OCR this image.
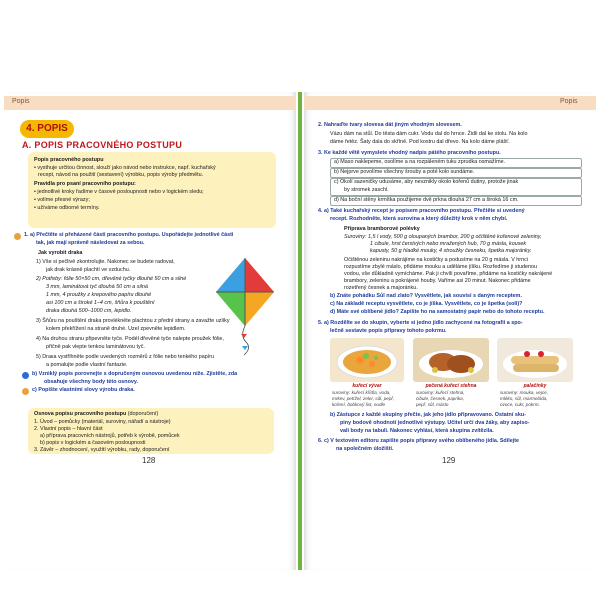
Popis	Popis
4. POPIS
A. POPIS PRACOVNÉHO POSTUPU
Popis pracovného postupu
• vysthuje určitou činnost, slouží jako návod nebo instrukce, např. kuchařský
recept, návod na použití (sestavení) výrobku, popis výroby předmětu.
Pravidla pro psaní pracovního postupu:
• jednotlivé kroky řadíme v časové posloupnosti nebo v logickém sledu;
• volíme přesné výrazy;
• užíváme odborné termíny.
1. a) Přečtěte si přeházené části pracovního postupu. Uspořádejte jednotlivé části
tak, jak mají správně následovat za sebou.
Jak vyrobit draka
1) Vše si pečlivě zkontrolujte. Nakonec se budete radovat,
jak drak krásně plachtí ve vzduchu.
2) Potřeby: fólie 50×50 cm, dřevěné tyčky dlouhé 50 cm a silné
3 mm, laminátová tyč dlouhá 50 cm a silná
1 mm, 4 proužky z krepového papíru dlouhé
asi 100 cm a široké 1–4 cm, šňůra k pouštění
draka dlouhá 500–1000 cm, lepidlo.
3) Šňůru na pouštění draka provlékněte plachtou z přední strany a zavažte uzlíky
kolem překřížení na straně druhé. Uzel zpevněte lepidlem.
4) Na druhou stranu připevněte tyče. Podél dřevěné tyče nalepte proužek fólie,
přičně pak vlepte tenkou laminátovou tyč.
5) Drака vystřihněte podle uvedených rozměrů z fólie nebo tenkého papíru
a pomalujte podle vlastní fantazie.
b) Vzniklý popis porovnejte s dopručeným osnovou uvedenou níže. Zjistěte, zda
obsahuje všechny body této osnovy.
c) Popište vlastními slovy výrobu draka.
Osnova popisu pracovního postupu (doporučení)
1. Úvod – pomůcky (materiál, suroviny, nářadí a nástroje)
2. Vlastní popis – hlavní část
a) příprava pracovních nástrojů, potřeb k výrobě, pomůcek
b) popis v logickém a časovém posloupnosti
3. Závěr – zhodnocení, využití výrobku, rady, doporučení
128
2. Nahraďte tvary slovesa dát jiným vhodným slovesem.
Vázu dám na stůl. Do těsta dám cukr. Vodu dal do hrnce. Židli dal ke stolu. Na kolo
dáme řetěz. Šaty dala do skříně. Pod kostru dal dřevo. Na kolo dáme plášť.
3. Ke každé větě vymyslete vhodný nadpis pátého pracovního postupu.
a) Maso naklepeme, osolíme a na rozpáleném tuku zprudka osmažíme.
b) Nejprve povolíme všechny šrouby a poté kolo sundáme.
c) Okolí sazeničky udusáme, aby nevznikly okolo kořenů dutiny, protože jinak
by stromek zaschl.
d) Na boční stěny krmítka použijeme dvě prkna dlouhá 27 cm a široká 16 cm.
4. a) Také kuchařský recept je popisem pracovního postupu. Přečtěte si uvedený
recept. Rozhodněte, která surovina a který důležitý krok v něm chybí.
Příprava bramborové polévky
Suroviny: 1,5 l vody, 500 g oloupaných brambor, 200 g očištěné kořenové zeleniny,
1 cibule, hrst čerstvých nebo mražených hub, 70 g másla, kousek
kapusty, 50 g hladké mouky, 4 stroužky česneku, špetka majoránky.
Očištěnou zeleninu nakrájíme na kostičky a podusíme na 20 g másla. V hrnci
rozpustíme zbylé máslo, přidáme mouku a uděláme jíšku. Rozředíme ji studenou
vodou, vše důkladně vymícháme. Pak ji chvíli povaříme, přidáme na kostičky nakrájené
brambory, zeleninu a pokrájené houby. Vaříme asi 20 minut. Nakonec přidáme
rozetřený česnek a majoránku.
b) Znáte pohádku Sůl nad zlato? Vysvětlete, jak souvisí s daným receptem.
c) Na základě receptu vysvětlete, co je jíška. Vysvětlete, co je špetka (soli)?
d) Máte své oblíbené jídlo? Zapište ho na samostatný papír nebo do tohoto receptu.
5. a) Rozdělte se do skupin, vyberte si jedno jídlo zachycené na fotografii a spo-
lečně sestavte popis přípravy tohoto pokrmu.
kuřecí vývar	pečená kuřecí stehna	palačinky
suroviny: kuřecí křídla, voda,
mrkev, petržel, zeler, sůl, pepř,
koření, bobkový list, nudle
suroviny: kuřecí stehna,
cibule, česnek, paprika,
pepř, sůl, máslo
suroviny: mouka, vejce,
mléko, sůl, marmeláda,
ovoce, cukr, pokrm.
b) Zástupce z každé skupiny přečte, jak jeho jídlo připravovano. Ostatní sku-
piny bodově ohodnotí jednotlivé výstupy. Učitel určí dva žáky, aby zapiso-
vali body na tabuli. Nakonec vyhlásí, která skupina zvítězila.
6. c) V textovém editoru zapište popis přípravy svého oblíbeného jídla. Sdílejte
na společném úložišti.
129
